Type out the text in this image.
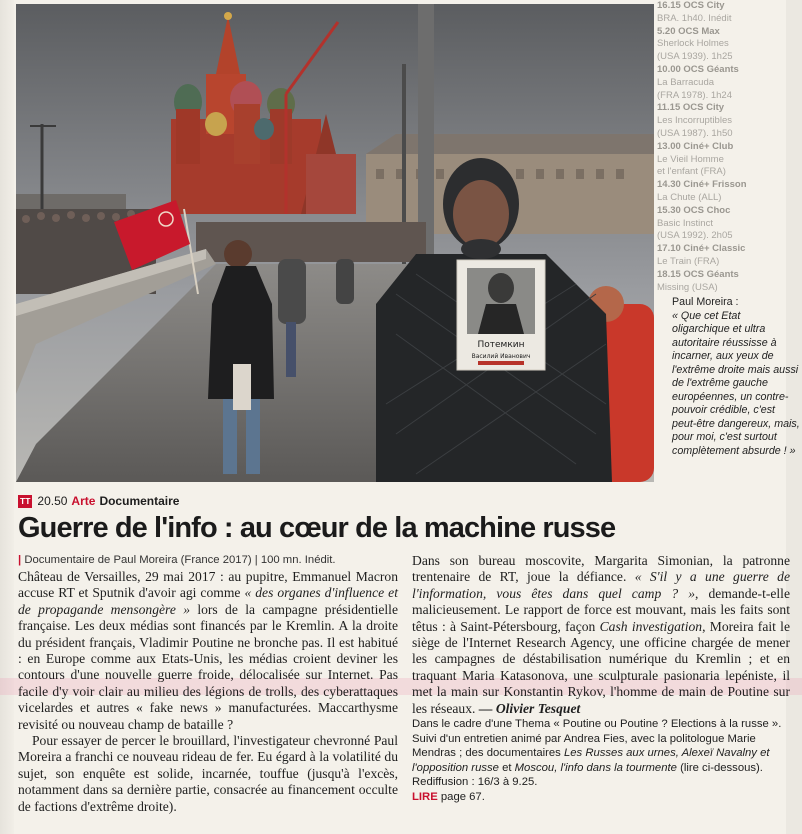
Потемкин
Василий Иванович
16.15 OCS City
BRA. 1h40. Inédit
5.20 OCS Max
Sherlock Holmes
(USA 1939). 1h25
10.00 OCS Géants
La Barracuda
(FRA 1978). 1h24
11.15 OCS City
Les Incorruptibles
(USA 1987). 1h50
13.00 Ciné+ Club
Le Vieil Homme
et l'enfant (FRA)
14.30 Ciné+ Frisson
La Chute (ALL)
15.30 OCS Choc
Basic Instinct
(USA 1992). 2h05
17.10 Ciné+ Classic
Le Train (FRA)
18.15 OCS Géants
Missing (USA)
Paul Moreira :
« Que cet Etat oligarchique et ultra autoritaire réussisse à incarner, aux yeux de l'extrême droite mais aussi de l'extrême gauche européennes, un contre-pouvoir crédible, c'est peut-être dangereux, mais, pour moi, c'est surtout complètement absurde ! »
TT 20.50 Arte Documentaire
Guerre de l'info : au cœur de la machine russe
| Documentaire de Paul Moreira (France 2017) | 100 mn. Inédit.

Château de Versailles, 29 mai 2017 : au pupitre, Emmanuel Macron accuse RT et Sputnik d'avoir agi comme « des organes d'influence et de propagande mensongère » lors de la campagne présidentielle française. Les deux médias sont financés par le Kremlin. A la droite du président français, Vladimir Poutine ne bronche pas. Il est habitué : en Europe comme aux Etats-Unis, les médias croient deviner les contours d'une nouvelle guerre froide, délocalisée sur Internet. Pas facile d'y voir clair au milieu des légions de trolls, des cyberattaques vicelardes et autres « fake news » manufacturées. Maccarthysme revisité ou nouveau champ de bataille ?

Pour essayer de percer le brouillard, l'investigateur chevronné Paul Moreira a franchi ce nouveau rideau de fer. Eu égard à la volatilité du sujet, son enquête est solide, incarnée, touffue (jusqu'à l'excès, notamment dans sa dernière partie, consacrée au financement occulte de factions d'extrême droite).

Dans son bureau moscovite, Margarita Simonian, la patronne trentenaire de RT, joue la défiance. « S'il y a une guerre de l'information, vous êtes dans quel camp ? », demande-t-elle malicieusement. Le rapport de force est mouvant, mais les faits sont têtus : à Saint-Pétersbourg, façon Cash investigation, Moreira fait le siège de l'Internet Research Agency, une officine chargée de mener les campagnes de déstabilisation numérique du Kremlin ; et en traquant Maria Katasonova, une sculpturale pasionaria lepéniste, il met la main sur Konstantin Rykov, l'homme de main de Poutine sur les réseaux. — Olivier Tesquet

Dans le cadre d'une Thema « Poutine ou Poutine ? Elections à la russe ». Suivi d'un entretien animé par Andrea Fies, avec la politologue Marie Mendras ; des documentaires Les Russes aux urnes, Alexeï Navalny et l'opposition russe et Moscou, l'info dans la tourmente (lire ci-dessous).

Rediffusion : 16/3 à 9.25.

LIRE page 67.
